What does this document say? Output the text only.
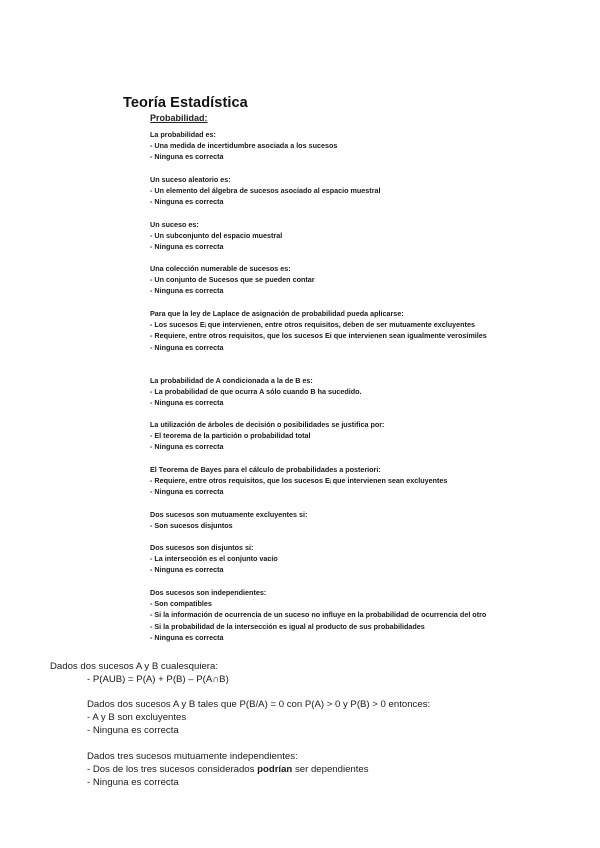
Teoría Estadística
Probabilidad:

La probabilidad es:

- Una medida de incertidumbre asociada a los sucesos

- Ninguna es correcta

Un suceso aleatorio es:

- Un elemento del álgebra de sucesos asociado al espacio muestral

- Ninguna es correcta

Un suceso es:

- Un subconjunto del espacio muestral

- Ninguna es correcta

Una colección numerable de sucesos es:

- Un conjunto de Sucesos que se pueden contar

- Ninguna es correcta

Para que la ley de Laplace de asignación de probabilidad pueda aplicarse:

- Los sucesos Eᵢ que intervienen, entre otros requisitos, deben de ser mutuamente excluyentes

- Requiere, entre otros requisitos, que los sucesos Ei que intervienen sean igualmente verosímiles

- Ninguna es correcta

La probabilidad de A condicionada a la de B es:

- La probabilidad de que ocurra A sólo cuando B ha sucedido.

- Ninguna es correcta

La utilización de árboles de decisión o posibilidades se justifica por:

- El teorema de la partición o probabilidad total

- Ninguna es correcta

El Teorema de Bayes para el cálculo de probabilidades a posteriori:

- Requiere, entre otros requisitos, que los sucesos Eᵢ que intervienen sean excluyentes

- Ninguna es correcta

Dos sucesos son mutuamente excluyentes si:

- Son sucesos disjuntos

Dos sucesos son disjuntos si:

- La intersección es el conjunto vacío

- Ninguna es correcta

Dos sucesos son independientes:

- Son compatibles

- Si la información de ocurrencia de un suceso no influye en la probabilidad de ocurrencia del otro

- Si la probabilidad de la intersección es igual al producto de sus probabilidades

- Ninguna es correcta

Dados dos sucesos A y B cualesquiera:

- P(AUB) = P(A) + P(B) – P(A∩B)

Dados dos sucesos A y B tales que P(B/A) = 0 con P(A) > 0 y P(B) > 0 entonces:

- A y B son excluyentes

- Ninguna es correcta

Dados tres sucesos mutuamente independientes:

- Dos de los tres sucesos considerados podrían ser dependientes

- Ninguna es correcta
